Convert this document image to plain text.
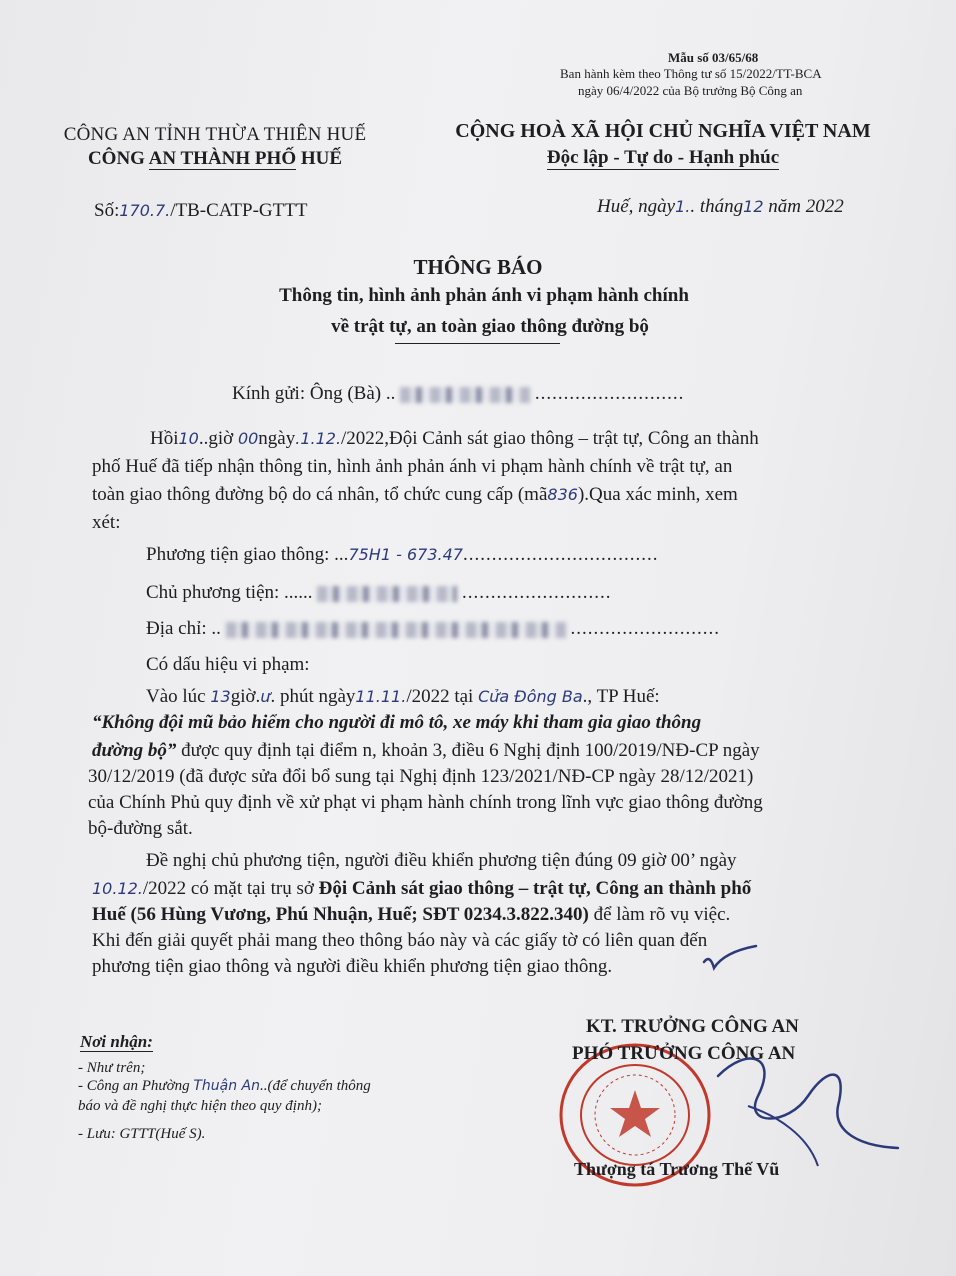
Mẫu số 03/65/68
Ban hành kèm theo Thông tư số 15/2022/TT-BCA
ngày 06/4/2022 của Bộ trưởng Bộ Công an
CÔNG AN TỈNH THỪA THIÊN HUẾ
CÔNG AN THÀNH PHỐ HUẾ
CỘNG HOÀ XÃ HỘI CHỦ NGHĨA VIỆT NAM
Độc lập - Tự do - Hạnh phúc
Số:170.7./TB-CATP-GTTT	Huế, ngày1.. tháng12 năm 2022
THÔNG BÁO
Thông tin, hình ảnh phản ánh vi phạm hành chính
về trật tự, an toàn giao thông đường bộ
Kính gửi: Ông (Bà) ..	..........................
Hồi10..giờ 00ngày.1.12./2022,Đội Cảnh sát giao thông – trật tự, Công an thành
phố Huế đã tiếp nhận thông tin, hình ảnh phản ánh vi phạm hành chính về trật tự, an
toàn giao thông đường bộ do cá nhân, tổ chức cung cấp (mã836).Qua xác minh, xem
xét:
Phương tiện giao thông: ...75H1 - 673.47..................................
Chủ phương tiện: ......	..........................
Địa chỉ: ..	..........................
Có dấu hiệu vi phạm:
Vào lúc 13giờ.ư. phút ngày11.11./2022 tại Cửa Đông Ba., TP Huế:
“Không đội mũ bảo hiểm cho người đi mô tô, xe máy khi tham gia giao thông
đường bộ” được quy định tại điểm n, khoản 3, điều 6 Nghị định 100/2019/NĐ-CP ngày
30/12/2019 (đã được sửa đổi bổ sung tại Nghị định 123/2021/NĐ-CP ngày 28/12/2021)
của Chính Phủ quy định về xử phạt vi phạm hành chính trong lĩnh vực giao thông đường
bộ-đường sắt.
Đề nghị chủ phương tiện, người điều khiển phương tiện đúng 09 giờ 00’ ngày
10.12./2022 có mặt tại trụ sở Đội Cảnh sát giao thông – trật tự, Công an thành phố
Huế (56 Hùng Vương, Phú Nhuận, Huế; SĐT 0234.3.822.340) để làm rõ vụ việc.
Khi đến giải quyết phải mang theo thông báo này và các giấy tờ có liên quan đến
phương tiện giao thông và người điều khiển phương tiện giao thông.
Nơi nhận:
- Như trên;
- Công an Phường Thuận An..(để chuyển thông
báo và đề nghị thực hiện theo quy định);
- Lưu: GTTT(Huế S).
KT. TRƯỞNG CÔNG AN
PHÓ TRƯỞNG CÔNG AN
Thượng tá Trương Thế Vũ
